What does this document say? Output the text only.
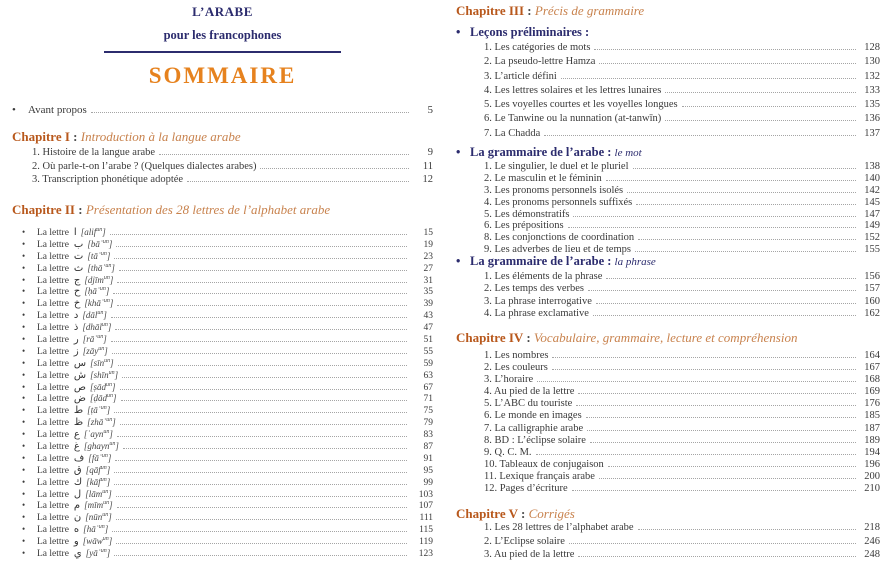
L’ARABE
pour les francophones
SOMMAIRE
•	Avant propos	5
Chapitre I : Introduction à la langue arabe
1. Histoire de la langue arabe	9
2. Où parle-t-on l’arabe ? (Quelques dialectes arabes)	11
3. Transcription phonétique adoptée	12
Chapitre II : Présentation des 28 lettres de l’alphabet arabe
•	La lettre ا [alif$^{un}$]	15
•	La lettre ب [bāʾ$^{un}$]	19
•	La lettre ت [tāʾ$^{un}$]	23
•	La lettre ث [thāʾ$^{un}$]	27
•	La lettre ج [djīm$^{un}$]	31
•	La lettre ح [ḥāʾ$^{un}$]	35
•	La lettre خ [khāʾ$^{un}$]	39
•	La lettre د [dāl$^{un}$]	43
•	La lettre ذ [dhāl$^{un}$]	47
•	La lettre ر [rāʾ$^{un}$]	51
•	La lettre ز [zāy$^{un}$]	55
•	La lettre س [sīn$^{un}$]	59
•	La lettre ش [shīn$^{un}$]	63
•	La lettre ص [ṣād$^{un}$]	67
•	La lettre ض [ḍād$^{un}$]	71
•	La lettre ط [ṭāʾ$^{un}$]	75
•	La lettre ظ [zhāʾ$^{un}$]	79
•	La lettre ع [ʿayn$^{un}$]	83
•	La lettre غ [ghayn$^{un}$]	87
•	La lettre ف [fāʾ$^{un}$]	91
•	La lettre ق [qāf$^{un}$]	95
•	La lettre ك [kāf$^{un}$]	99
•	La lettre ل [lām$^{un}$]	103
•	La lettre م [mīm$^{un}$]	107
•	La lettre ن [nūn$^{un}$]	111
•	La lettre ه [hāʾ$^{un}$]	115
•	La lettre و [wāw$^{un}$]	119
•	La lettre ي [yāʾ$^{un}$]	123
Chapitre III : Précis de grammaire
• Leçons préliminaires :
1. Les catégories de mots	128
2. La pseudo-lettre Hamza	130
3. L’article défini	132
4. Les lettres solaires et les lettres lunaires	133
5. Les voyelles courtes et les voyelles longues	135
6. Le Tanwine ou la nunnation (at-tanwīn)	136
7. La Chadda	137
• La grammaire de l’arabe : le mot
1. Le singulier, le duel et le pluriel	138
2. Le masculin et le féminin	140
3. Les pronoms personnels isolés	142
4. Les pronoms personnels suffixés	145
5. Les démonstratifs	147
6. Les prépositions	149
8. Les conjonctions de coordination	152
9. Les adverbes de lieu et de temps	155
• La grammaire de l’arabe : la phrase
1. Les éléments de la phrase	156
2. Les temps des verbes	157
3. La phrase interrogative	160
4. La phrase exclamative	162
Chapitre IV : Vocabulaire, grammaire, lecture et compréhension
1. Les nombres	164
2. Les couleurs	167
3. L’horaire	168
4. Au pied de la lettre	169
5. L’ABC du touriste	176
6. Le monde en images	185
7. La calligraphie arabe	187
8. BD : L’éclipse solaire	189
9. Q. C. M.	194
10. Tableaux de conjugaison	196
11. Lexique français arabe	200
12. Pages d’écriture	210
Chapitre V : Corrigés
1. Les 28 lettres de l’alphabet arabe	218
2. L’Eclipse solaire	246
3. Au pied de la lettre	248
